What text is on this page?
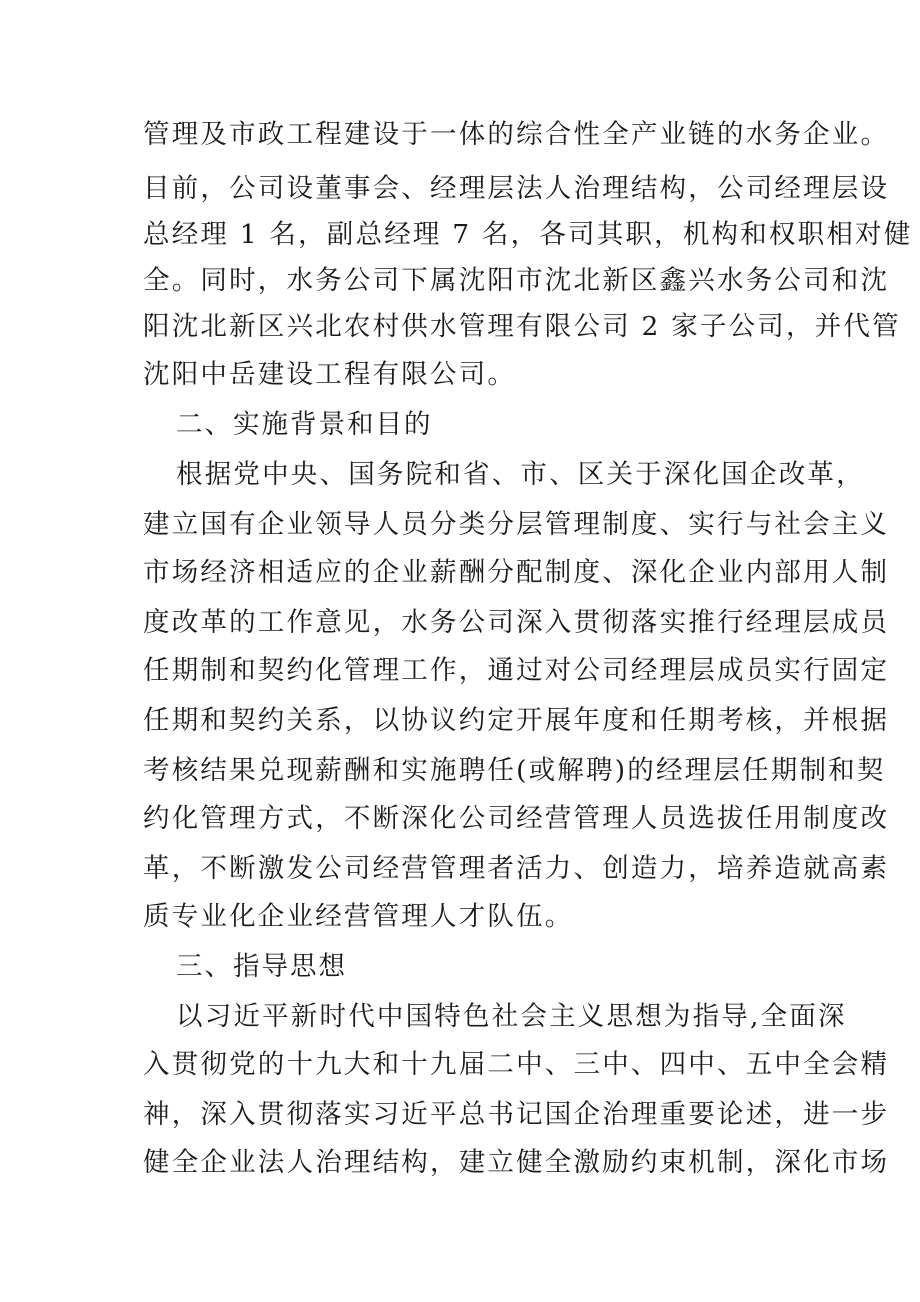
管理及市政工程建设于一体的综合性全产业链的水务企业。
目前，公司设董事会、经理层法人治理结构，公司经理层设
总经理 1 名，副总经理 7 名，各司其职，机构和权职相对健
全。同时，水务公司下属沈阳市沈北新区鑫兴水务公司和沈
阳沈北新区兴北农村供水管理有限公司 2 家子公司，并代管
沈阳中岳建设工程有限公司。
二、实施背景和目的
根据党中央、国务院和省、市、区关于深化国企改革，
建立国有企业领导人员分类分层管理制度、实行与社会主义
市场经济相适应的企业薪酬分配制度、深化企业内部用人制
度改革的工作意见，水务公司深入贯彻落实推行经理层成员
任期制和契约化管理工作，通过对公司经理层成员实行固定
任期和契约关系，以协议约定开展年度和任期考核，并根据
考核结果兑现薪酬和实施聘任(或解聘)的经理层任期制和契
约化管理方式，不断深化公司经营管理人员选拔任用制度改
革，不断激发公司经营管理者活力、创造力，培养造就高素
质专业化企业经营管理人才队伍。
三、指导思想
以习近平新时代中国特色社会主义思想为指导,全面深
入贯彻党的十九大和十九届二中、三中、四中、五中全会精
神，深入贯彻落实习近平总书记国企治理重要论述，进一步
健全企业法人治理结构，建立健全激励约束机制，深化市场
